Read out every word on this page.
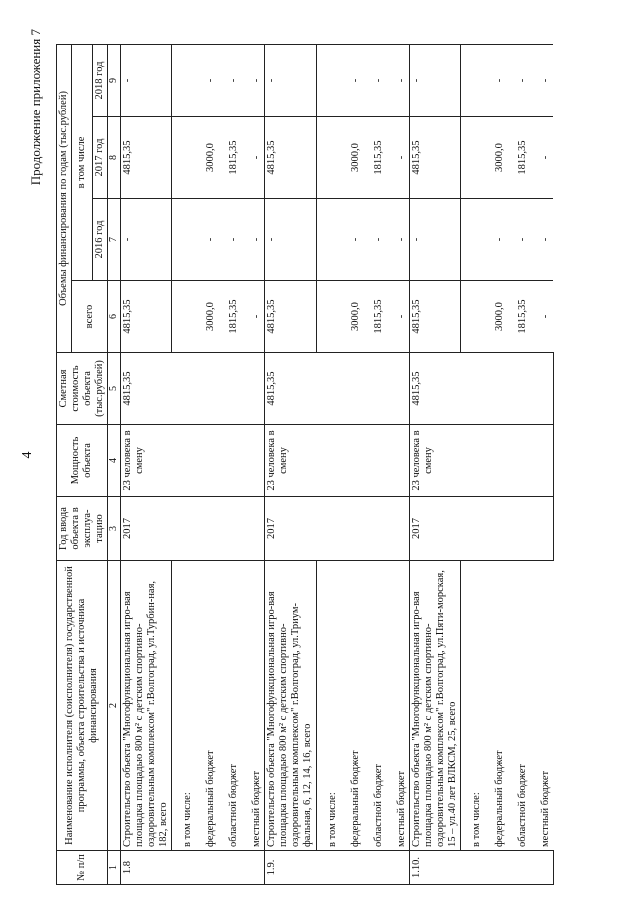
4
Продолжение приложения 7
№ п/п	Наименование исполнителя (соисполнителя) государственной программы, объекта строительства и источника финансирования	Год ввода объекта в эксплуа-тацию	Мощность объекта	Сметная стоимость объекта (тыс.рублей)	Объемы финансирования по годам (тыс.рублей)			
					всего	в том числе		
						2016 год	2017 год	2018 год
1	2	3	4	5	6	7	8	9
1.8	Строительство объекта "Многофункциональная игро-вая площадка площадью 800 м² с детским спортивно-оздоровительным комплексом" г.Волгоград, ул.Турбин-ная, 182, всего	2017	23 человека в смену	4815,35	4815,35	-	4815,35	-
	в том числе:							
	федеральный бюджет				3000,0	-	3000,0	-
	областной бюджет				1815,35	-	1815,35	-
	местный бюджет				-	-	-	-
1.9.	Строительство объекта "Многофункциональная игро-вая площадка площадью 800 м² с детским спортивно-оздоровительным комплексом" г.Волгоград, ул.Триум-фальная, 6, 12, 14, 16, всего	2017	23 человека в смену	4815,35	4815,35	-	4815,35	-
	в том числе:							
	федеральный бюджет				3000,0	-	3000,0	-
	областной бюджет				1815,35	-	1815,35	-
	местный бюджет				-	-	-	-
1.10.	Строительство объекта "Многофункциональная игро-вая площадка площадью 800 м² с детским спортивно-оздоровительным комплексом" г.Волгоград, ул.Пяти-морская, 15 – ул.40 лет ВЛКСМ, 25, всего	2017	23 человека в смену	4815,35	4815,35	-	4815,35	-
	в том числе:							
	федеральный бюджет				3000,0	-	3000,0	-
	областной бюджет				1815,35	-	1815,35	-
	местный бюджет				-	-	-	-
